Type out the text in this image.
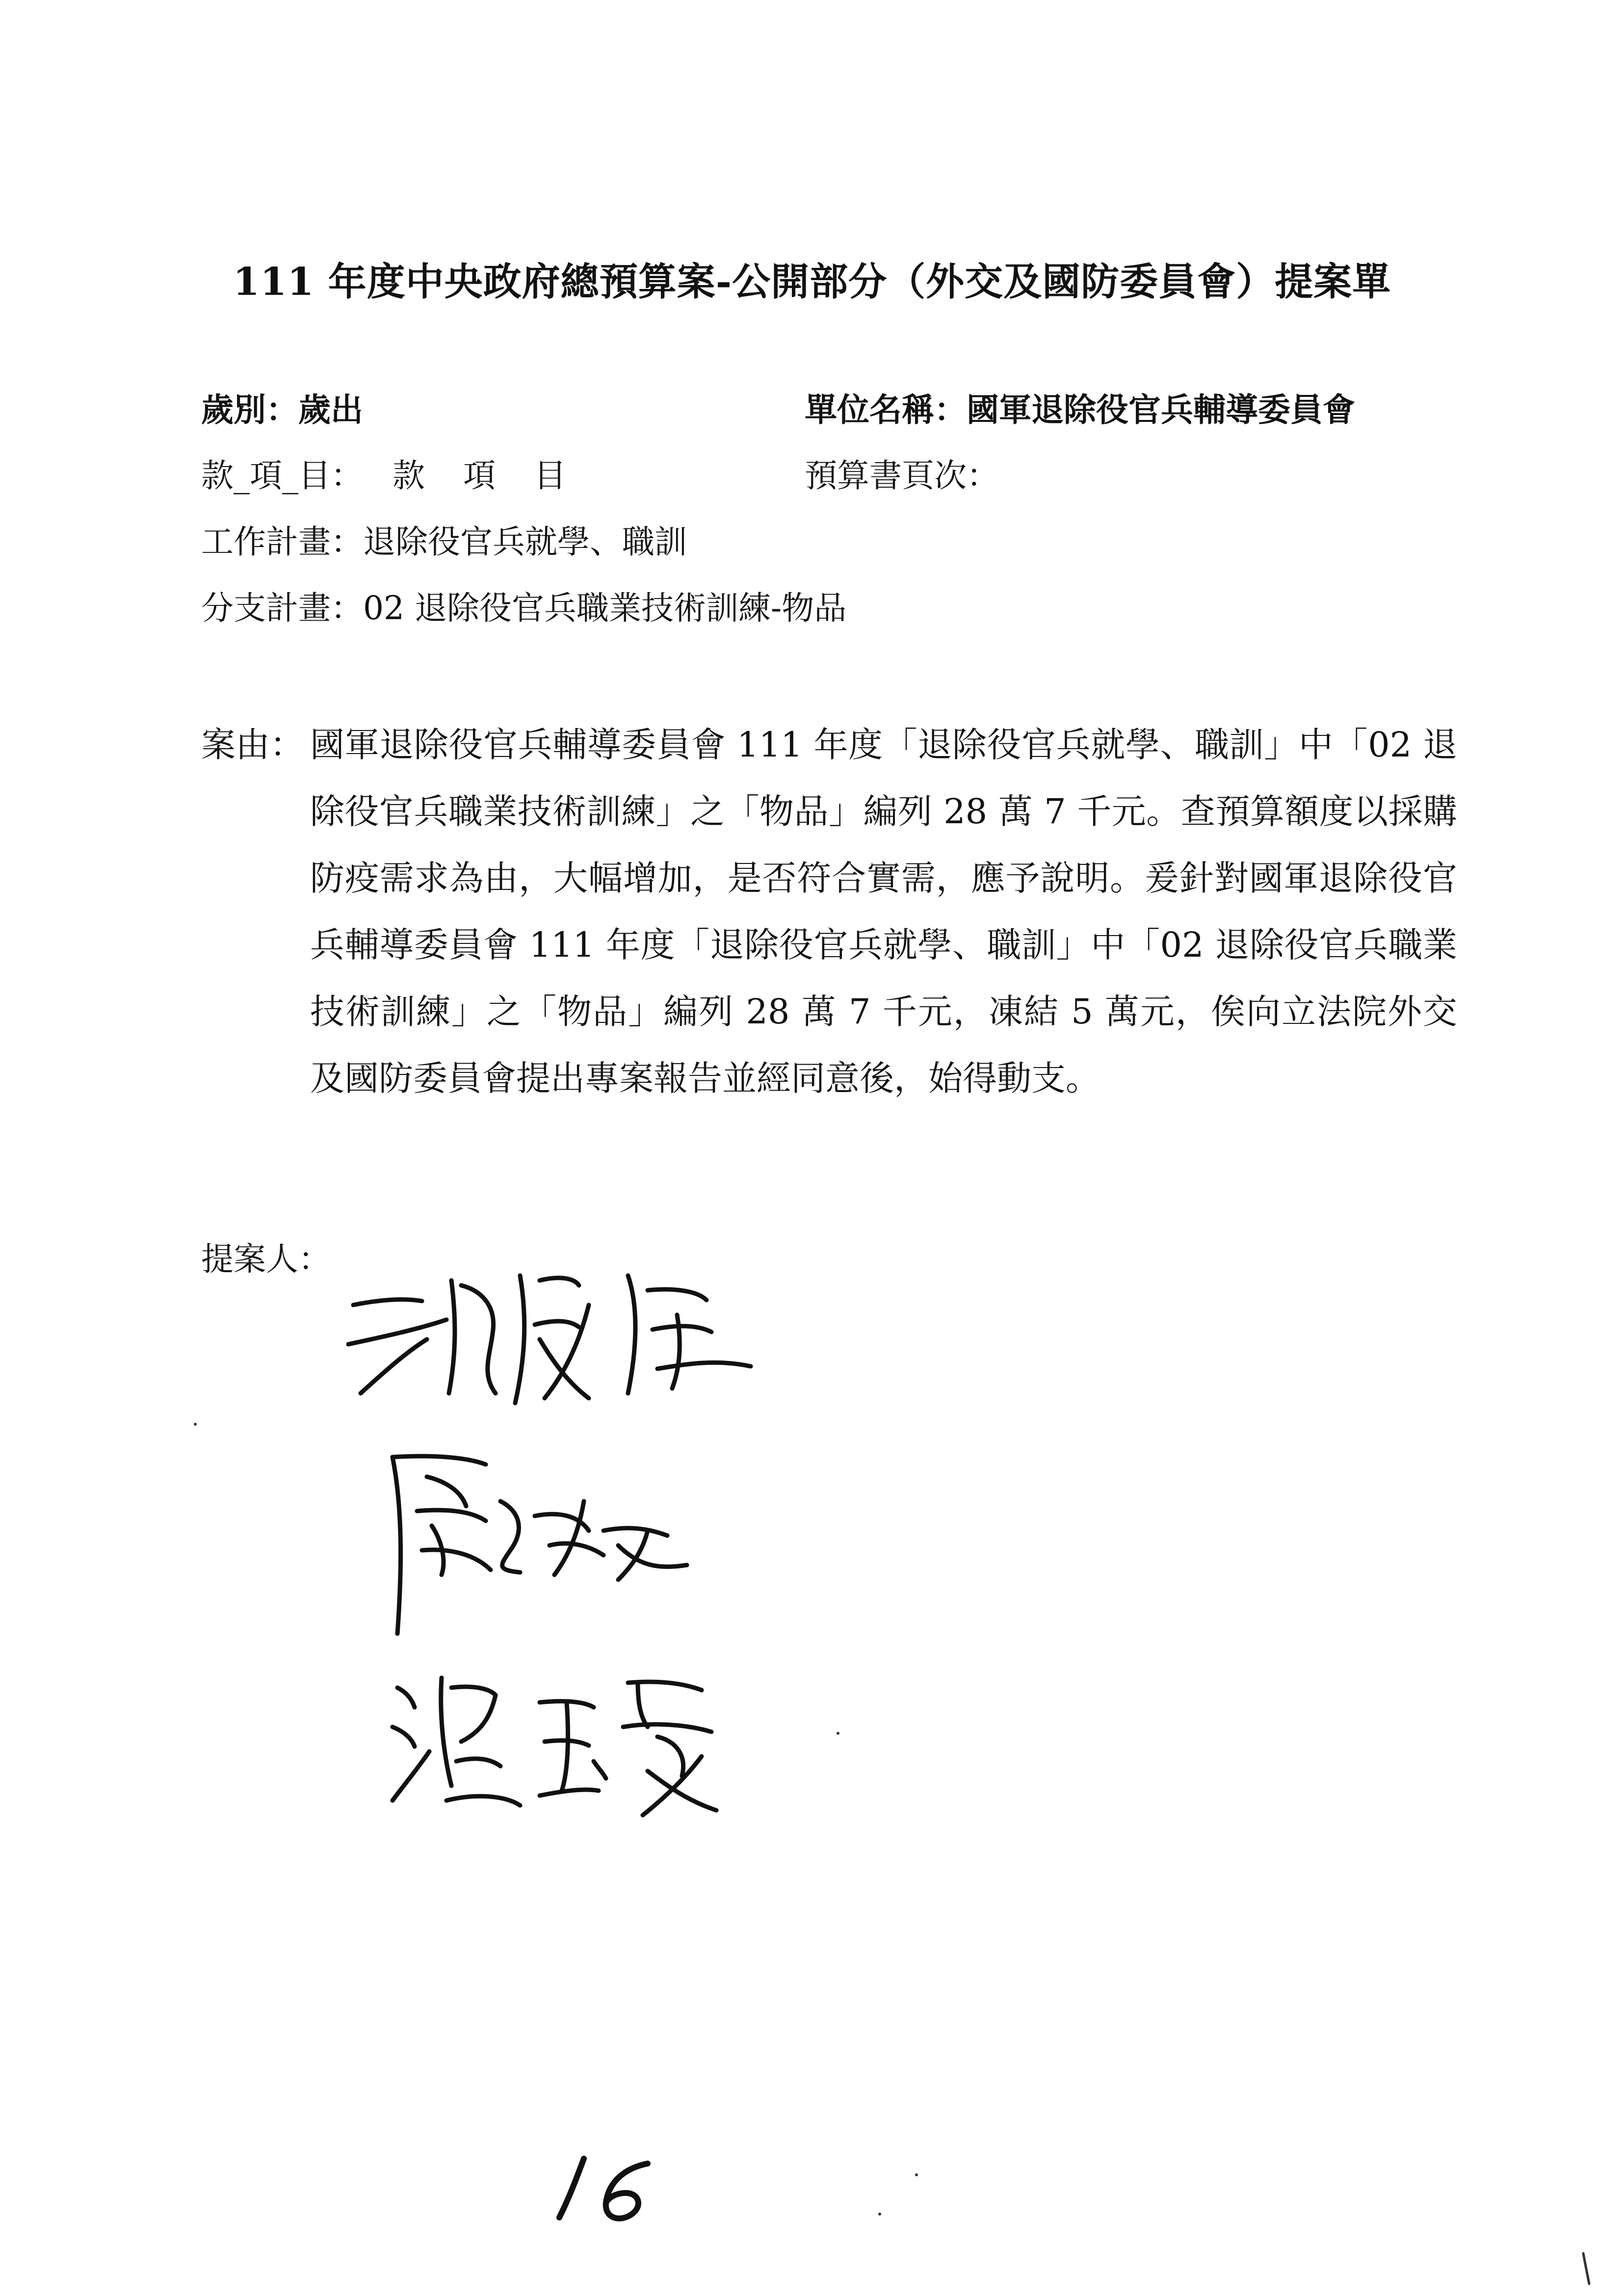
111 年度中央政府總預算案-公開部分（外交及國防委員會）提案單
歲別：歲出	單位名稱：國軍退除役官兵輔導委員會
款_項_目： 款 項 目	預算書頁次：
工作計畫：退除役官兵就學、職訓
分支計畫：02 退除役官兵職業技術訓練-物品
案由： 國軍退除役官兵輔導委員會 111 年度「退除役官兵就學、職訓」中「02 退除役官兵職業技術訓練」之「物品」編列 28 萬 7 千元。查預算額度以採購防疫需求為由，大幅增加，是否符合實需，應予說明。爰針對國軍退除役官兵輔導委員會 111 年度「退除役官兵就學、職訓」中「02 退除役官兵職業技術訓練」之「物品」編列 28 萬 7 千元，凍結 5 萬元，俟向立法院外交及國防委員會提出專案報告並經同意後，始得動支。
提案人：
